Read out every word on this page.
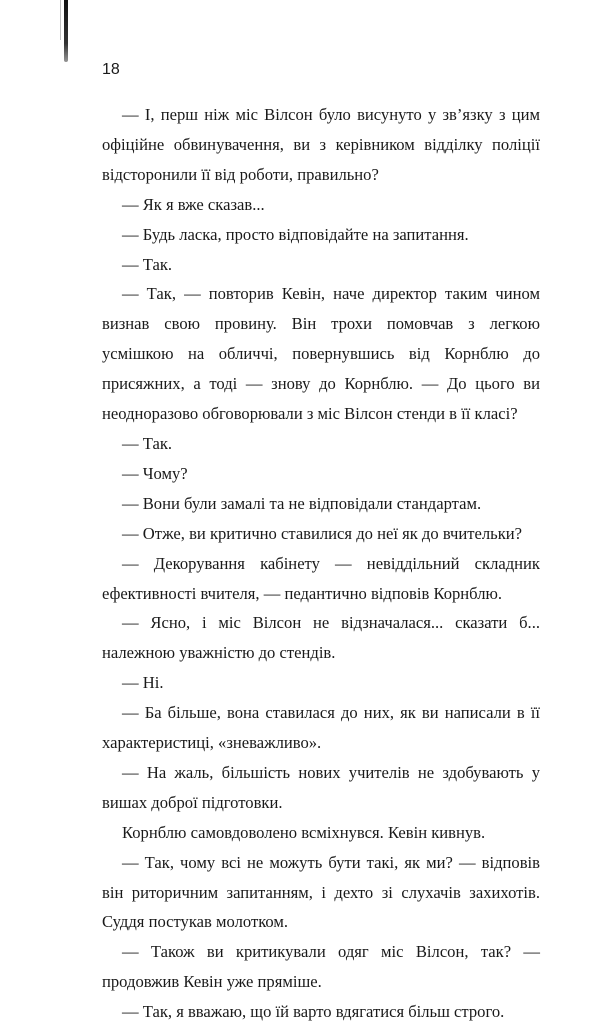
18

— І, перш ніж міс Вілсон було висунуто у зв’язку з цим офіційне обвинувачення, ви з керівником відділку поліції відсторонили її від роботи, правильно?

— Як я вже сказав...

— Будь ласка, просто відповідайте на запитання.

— Так.

— Так, — повторив Кевін, наче директор таким чином визнав свою провину. Він трохи помовчав з легкою усмішкою на обличчі, повернувшись від Корнблю до присяжних, а тоді — знову до Корнблю. — До цього ви неодноразово обговорювали з міс Вілсон стенди в її класі?

— Так.

— Чому?

— Вони були замалі та не відповідали стандартам.

— Отже, ви критично ставилися до неї як до вчительки?

— Декорування кабінету — невіддільний складник ефективності вчителя, — педантично відповів Корнблю.

— Ясно, і міс Вілсон не відзначалася... сказати б... належною уважністю до стендів.

— Ні.

— Ба більше, вона ставилася до них, як ви написали в її характеристиці, «зневажливо».

— На жаль, більшість нових учителів не здобувають у вишах доброї підготовки.

Корнблю самовдоволено всміхнувся. Кевін кивнув.

— Так, чому всі не можуть бути такі, як ми? — відповів він риторичним запитанням, і дехто зі слухачів захихотів. Суддя постукав молотком.

— Також ви критикували одяг міс Вілсон, так? — продовжив Кевін уже пряміше.

— Так, я вважаю, що їй варто вдягатися більш строго.
